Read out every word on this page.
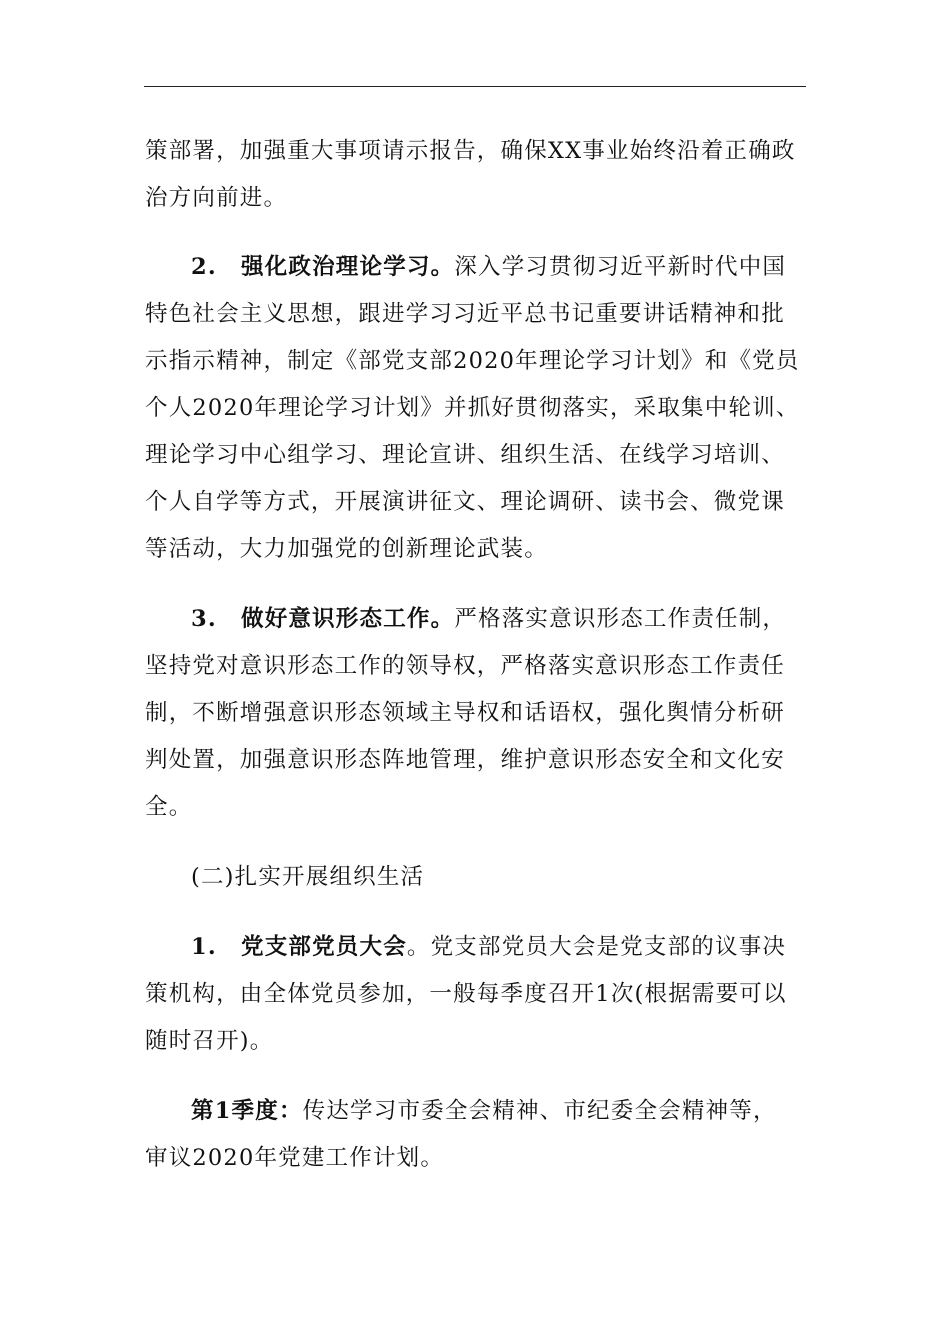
策部署，加强重大事项请示报告，确保XX事业始终沿着正确政
治方向前进。
2. 强化政治理论学习。深入学习贯彻习近平新时代中国
特色社会主义思想，跟进学习习近平总书记重要讲话精神和批
示指示精神，制定《部党支部2020年理论学习计划》和《党员
个人2020年理论学习计划》并抓好贯彻落实，采取集中轮训、
理论学习中心组学习、理论宣讲、组织生活、在线学习培训、
个人自学等方式，开展演讲征文、理论调研、读书会、微党课
等活动，大力加强党的创新理论武装。
3. 做好意识形态工作。严格落实意识形态工作责任制，
坚持党对意识形态工作的领导权，严格落实意识形态工作责任
制，不断增强意识形态领域主导权和话语权，强化舆情分析研
判处置，加强意识形态阵地管理，维护意识形态安全和文化安
全。
(二)扎实开展组织生活
1. 党支部党员大会。党支部党员大会是党支部的议事决
策机构，由全体党员参加，一般每季度召开1次(根据需要可以
随时召开)。
第1季度：传达学习市委全会精神、市纪委全会精神等，
审议2020年党建工作计划。
